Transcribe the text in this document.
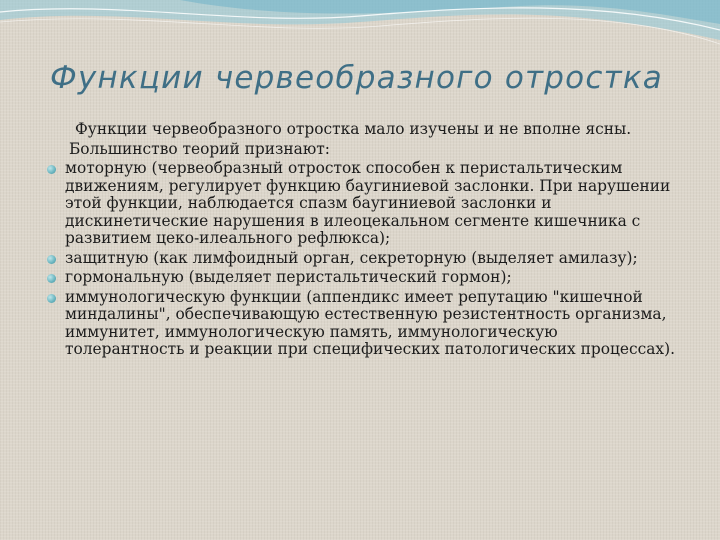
Функции червеобразного отростка

Функции червеобразного отростка мало изучены и не вполне ясны.

Большинство теорий признают:

моторную (червеобразный отросток способен к перистальтическим движениям, регулирует функцию баугиниевой заслонки. При нарушении этой функции, наблюдается спазм баугиниевой заслонки и дискинетические нарушения в илеоцекальном сегменте кишечника с развитием цеко-илеального рефлюкса);
защитную (как лимфоидный орган, секреторную (выделяет амилазу);
гормональную (выделяет перистальтический гормон);
иммунологическую функции (аппендикс имеет репутацию "кишечной миндалины", обеспечивающую естественную резистентность организма, иммунитет, иммунологическую память, иммунологическую толерантность и реакции при специфических патологических процессах).
